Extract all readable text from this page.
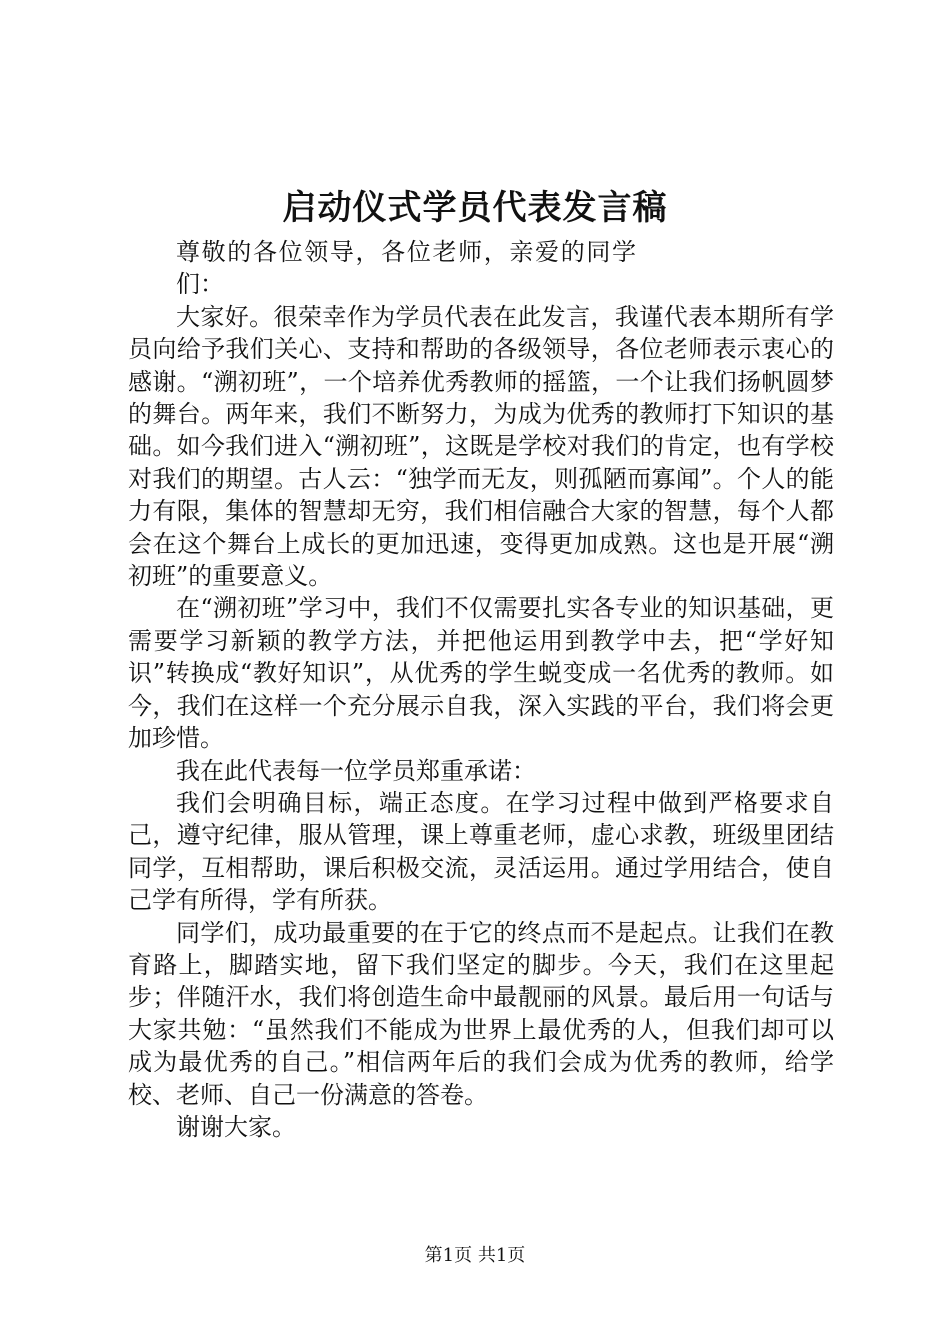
启动仪式学员代表发言稿

尊敬的各位领导，各位老师，亲爱的同学们：

大家好。很荣幸作为学员代表在此发言，我谨代表本期所有学员向给予我们关心、支持和帮助的各级领导，各位老师表示衷心的感谢。“溯初班”，一个培养优秀教师的摇篮，一个让我们扬帆圆梦的舞台。两年来，我们不断努力，为成为优秀的教师打下知识的基础。如今我们进入“溯初班”，这既是学校对我们的肯定，也有学校对我们的期望。古人云：“独学而无友，则孤陋而寡闻”。个人的能力有限，集体的智慧却无穷，我们相信融合大家的智慧，每个人都会在这个舞台上成长的更加迅速，变得更加成熟。这也是开展“溯初班”的重要意义。

在“溯初班”学习中，我们不仅需要扎实各专业的知识基础，更需要学习新颖的教学方法，并把他运用到教学中去，把“学好知识”转换成“教好知识”，从优秀的学生蜕变成一名优秀的教师。如今，我们在这样一个充分展示自我，深入实践的平台，我们将会更加珍惜。

我在此代表每一位学员郑重承诺：

我们会明确目标，端正态度。在学习过程中做到严格要求自己，遵守纪律，服从管理，课上尊重老师，虚心求教，班级里团结同学，互相帮助，课后积极交流，灵活运用。通过学用结合，使自己学有所得，学有所获。

同学们，成功最重要的在于它的终点而不是起点。让我们在教育路上，脚踏实地，留下我们坚定的脚步。今天，我们在这里起步；伴随汗水，我们将创造生命中最靓丽的风景。最后用一句话与大家共勉：“虽然我们不能成为世界上最优秀的人，但我们却可以成为最优秀的自己。”相信两年后的我们会成为优秀的教师，给学校、老师、自己一份满意的答卷。

谢谢大家。

第1页 共1页
